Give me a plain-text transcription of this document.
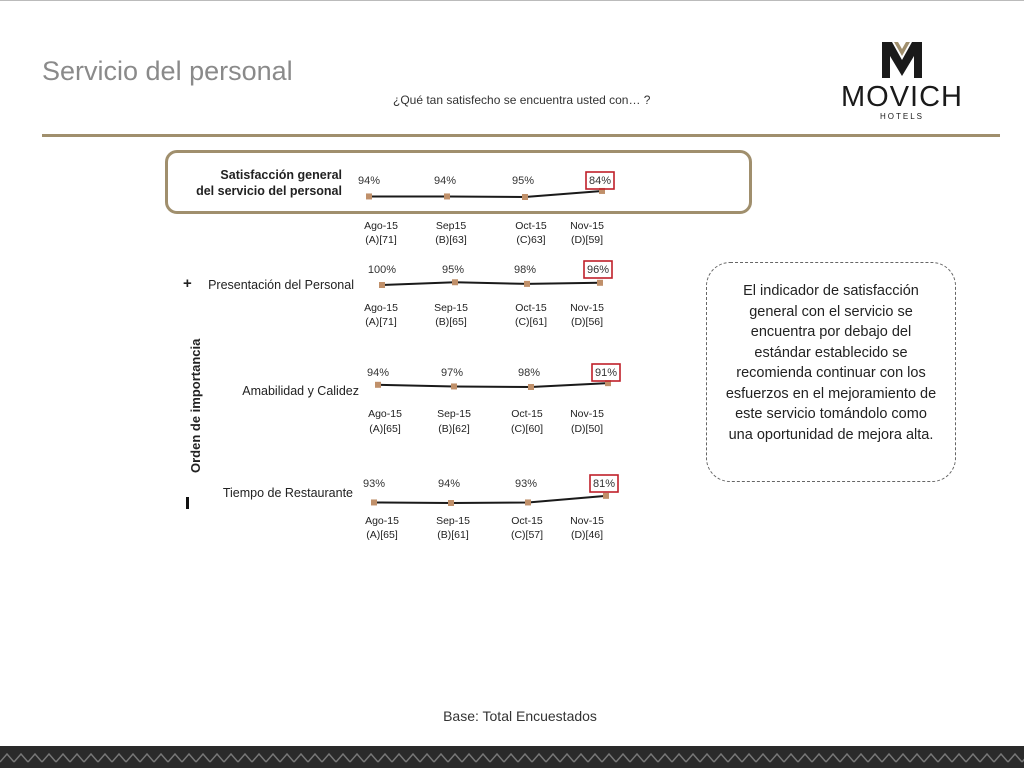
Servicio del personal
¿Qué tan satisfecho se encuentra usted con… ?	MOVICH
HOTELS
Satisfacción general
del servicio del personal
Presentación del Personal
Amabilidad y Calidez
Tiempo de Restaurante
Orden de importancia
+
94%
Ago-15
(A)[71]
94%
Sep15
(B)[63]
95%
Oct-15
(C)63]
84%
Nov-15
(D)[59]
100%
Ago-15
(A)[71]
95%
Sep-15
(B)[65]
98%
Oct-15
(C)[61]
96%
Nov-15
(D)[56]
94%
Ago-15
(A)[65]
97%
Sep-15
(B)[62]
98%
Oct-15
(C)[60]
91%
Nov-15
(D)[50]
93%
Ago-15
(A)[65]
94%
Sep-15
(B)[61]
93%
Oct-15
(C)[57]
81%
Nov-15
(D)[46]
El indicador de satisfacción general con el servicio se encuentra por debajo del estándar establecido se recomienda continuar con los esfuerzos en el mejoramiento de este servicio tomándolo como una oportunidad de mejora alta.
Base: Total Encuestados
